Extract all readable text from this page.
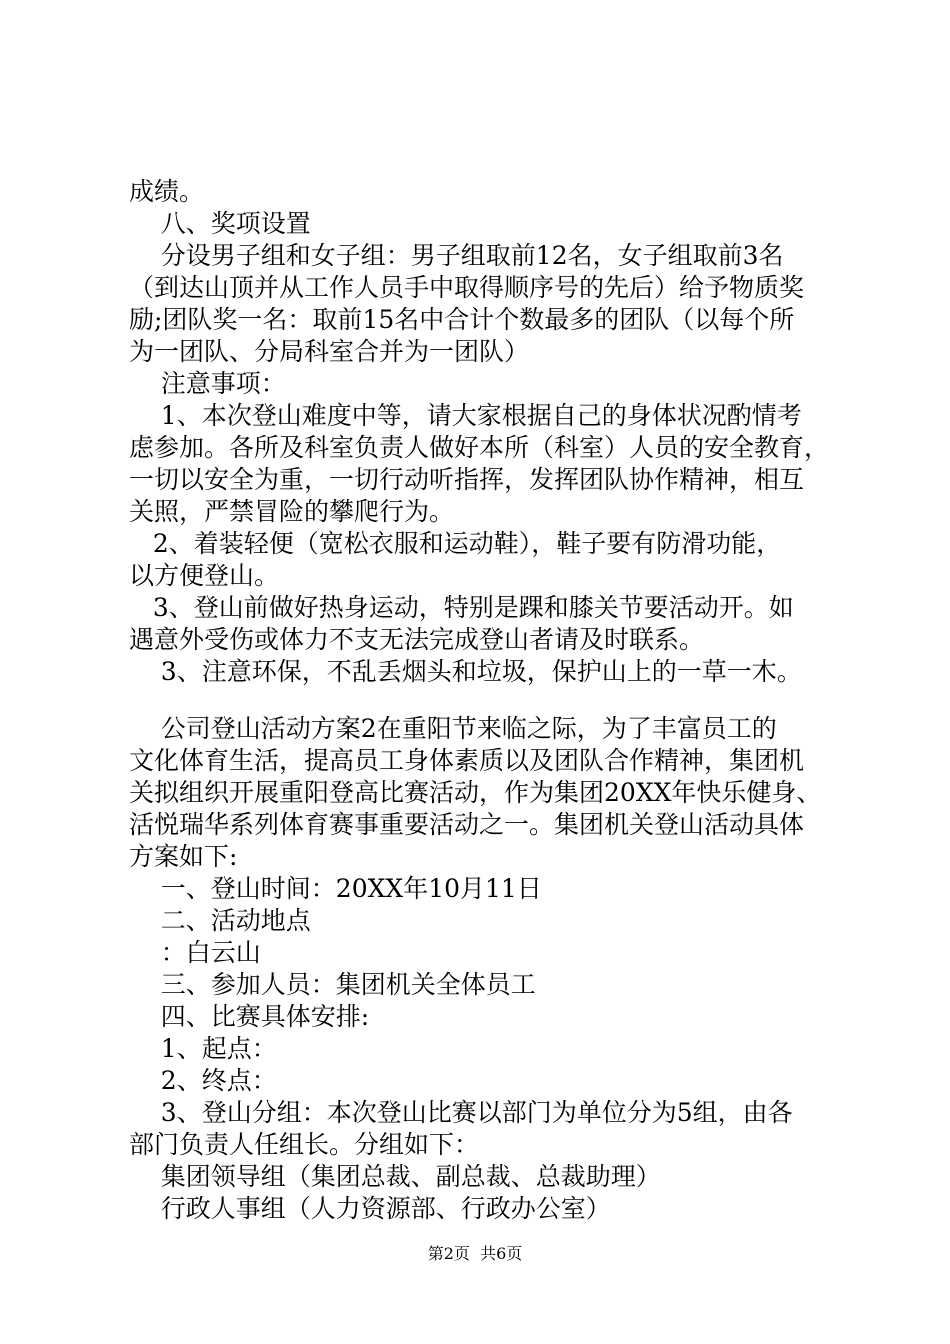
成绩。
八、奖项设置
分设男子组和女子组：男子组取前12名，女子组取前3名
（到达山顶并从工作人员手中取得顺序号的先后）给予物质奖
励;团队奖一名：取前15名中合计个数最多的团队（以每个所
为一团队、分局科室合并为一团队）
注意事项：
1、本次登山难度中等，请大家根据自己的身体状况酌情考
虑参加。各所及科室负责人做好本所（科室）人员的安全教育，
一切以安全为重，一切行动听指挥，发挥团队协作精神，相互
关照，严禁冒险的攀爬行为。
2、着装轻便（宽松衣服和运动鞋），鞋子要有防滑功能，
以方便登山。
3、登山前做好热身运动，特别是踝和膝关节要活动开。如
遇意外受伤或体力不支无法完成登山者请及时联系。
3、注意环保，不乱丢烟头和垃圾，保护山上的一草一木。
公司登山活动方案2在重阳节来临之际，为了丰富员工的
文化体育生活，提高员工身体素质以及团队合作精神，集团机
关拟组织开展重阳登高比赛活动，作为集团20XX年快乐健身、
活悦瑞华系列体育赛事重要活动之一。集团机关登山活动具体
方案如下:
一、登山时间：20XX年10月11日
二、活动地点
：白云山
三、参加人员：集团机关全体员工
四、比赛具体安排:
1、起点：
2、终点：
3、登山分组：本次登山比赛以部门为单位分为5组，由各
部门负责人任组长。分组如下：
集团领导组（集团总裁、副总裁、总裁助理）
行政人事组（人力资源部、行政办公室）
第2页  共6页
